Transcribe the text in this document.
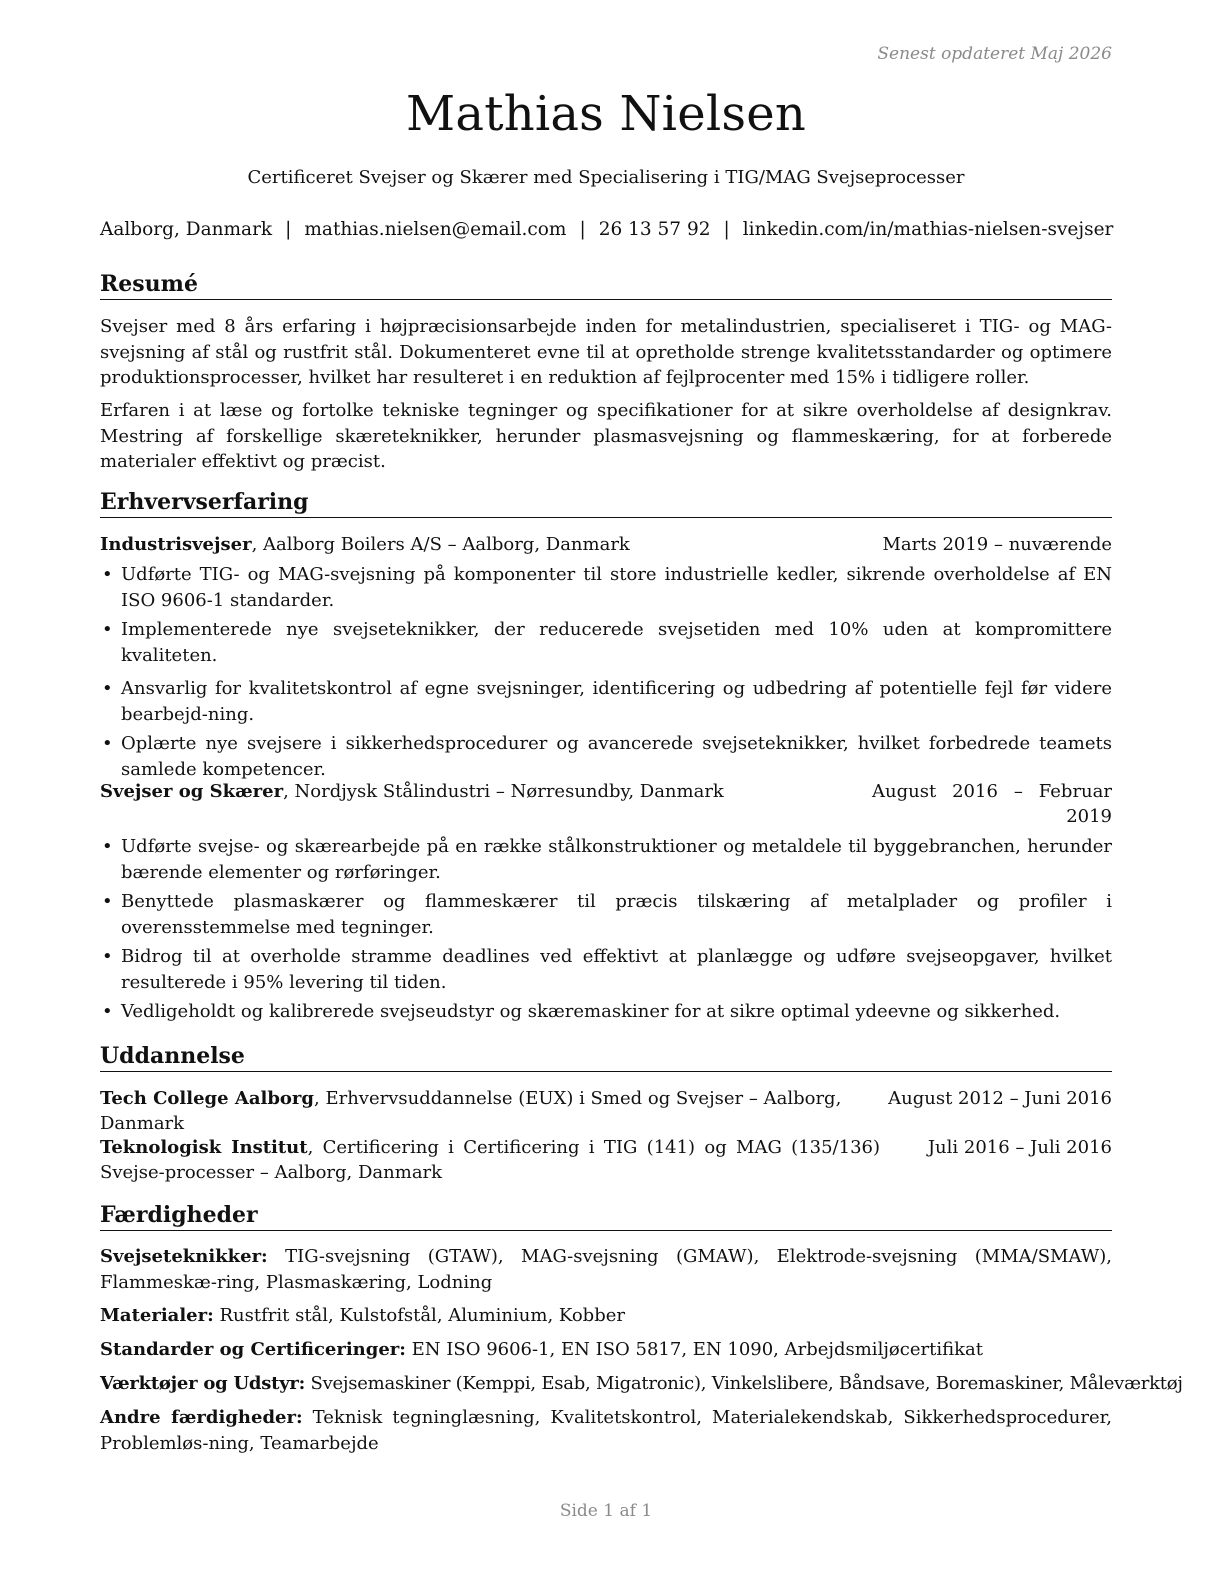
Senest opdateret Maj 2026
Mathias Nielsen
Certificeret Svejser og Skærer med Specialisering i TIG/MAG Svejseprocesser
Aalborg, Danmark | mathias.nielsen@email.com | 26 13 57 92 | linkedin.com/in/mathias-nielsen-svejser
Resumé
Svejser med 8 års erfaring i højpræcisionsarbejde inden for metalindustrien, specialiseret i TIG- og MAG-svejsning af stål og rustfrit stål. Dokumenteret evne til at opretholde strenge kvalitetsstandarder og optimere produktionsprocesser, hvilket har resulteret i en reduktion af fejlprocenter med 15% i tidligere roller.
Erfaren i at læse og fortolke tekniske tegninger og specifikationer for at sikre overholdelse af designkrav. Mestring af forskellige skæreteknikker, herunder plasmasvejsning og flammeskæring, for at forberede materialer effektivt og præcist.
Erhvervserfaring
Industrisvejser, Aalborg Boilers A/S – Aalborg, Danmark	Marts 2019 – nuværende
• Udførte TIG- og MAG-svejsning på komponenter til store industrielle kedler, sikrende overholdelse af EN ISO 9606-1 standarder.
• Implementerede nye svejseteknikker, der reducerede svejsetiden med 10% uden at kompromittere kvaliteten.
• Ansvarlig for kvalitetskontrol af egne svejsninger, identificering og udbedring af potentielle fejl før videre bearbejd-ning.
• Oplærte nye svejsere i sikkerhedsprocedurer og avancerede svejseteknikker, hvilket forbedrede teamets samlede kompetencer.
Svejser og Skærer, Nordjysk Stålindustri – Nørresundby, Danmark	August 2016 – Februar 2019
• Udførte svejse- og skærearbejde på en række stålkonstruktioner og metaldele til byggebranchen, herunder bærende elementer og rørføringer.
• Benyttede plasmaskærer og flammeskærer til præcis tilskæring af metalplader og profiler i overensstemmelse med tegninger.
• Bidrog til at overholde stramme deadlines ved effektivt at planlægge og udføre svejseopgaver, hvilket resulterede i 95% levering til tiden.
• Vedligeholdt og kalibrerede svejseudstyr og skæremaskiner for at sikre optimal ydeevne og sikkerhed.
Uddannelse
Tech College Aalborg, Erhvervsuddannelse (EUX) i Smed og Svejser – Aalborg, Danmark
August 2012 – Juni 2016
Teknologisk Institut, Certificering i Certificering i TIG (141) og MAG (135/136) Svejse-processer – Aalborg, Danmark
Juli 2016 – Juli 2016
Færdigheder
Svejseteknikker: TIG-svejsning (GTAW), MAG-svejsning (GMAW), Elektrode-svejsning (MMA/SMAW), Flammeskæ-ring, Plasmaskæring, Lodning
Materialer: Rustfrit stål, Kulstofstål, Aluminium, Kobber
Standarder og Certificeringer: EN ISO 9606-1, EN ISO 5817, EN 1090, Arbejdsmiljøcertifikat
Værktøjer og Udstyr: Svejsemaskiner (Kemppi, Esab, Migatronic), Vinkelslibere, Båndsave, Boremaskiner, Måleværktøj
Andre færdigheder: Teknisk tegninglæsning, Kvalitetskontrol, Materialekendskab, Sikkerhedsprocedurer, Problemløs-ning, Teamarbejde
Side 1 af 1
